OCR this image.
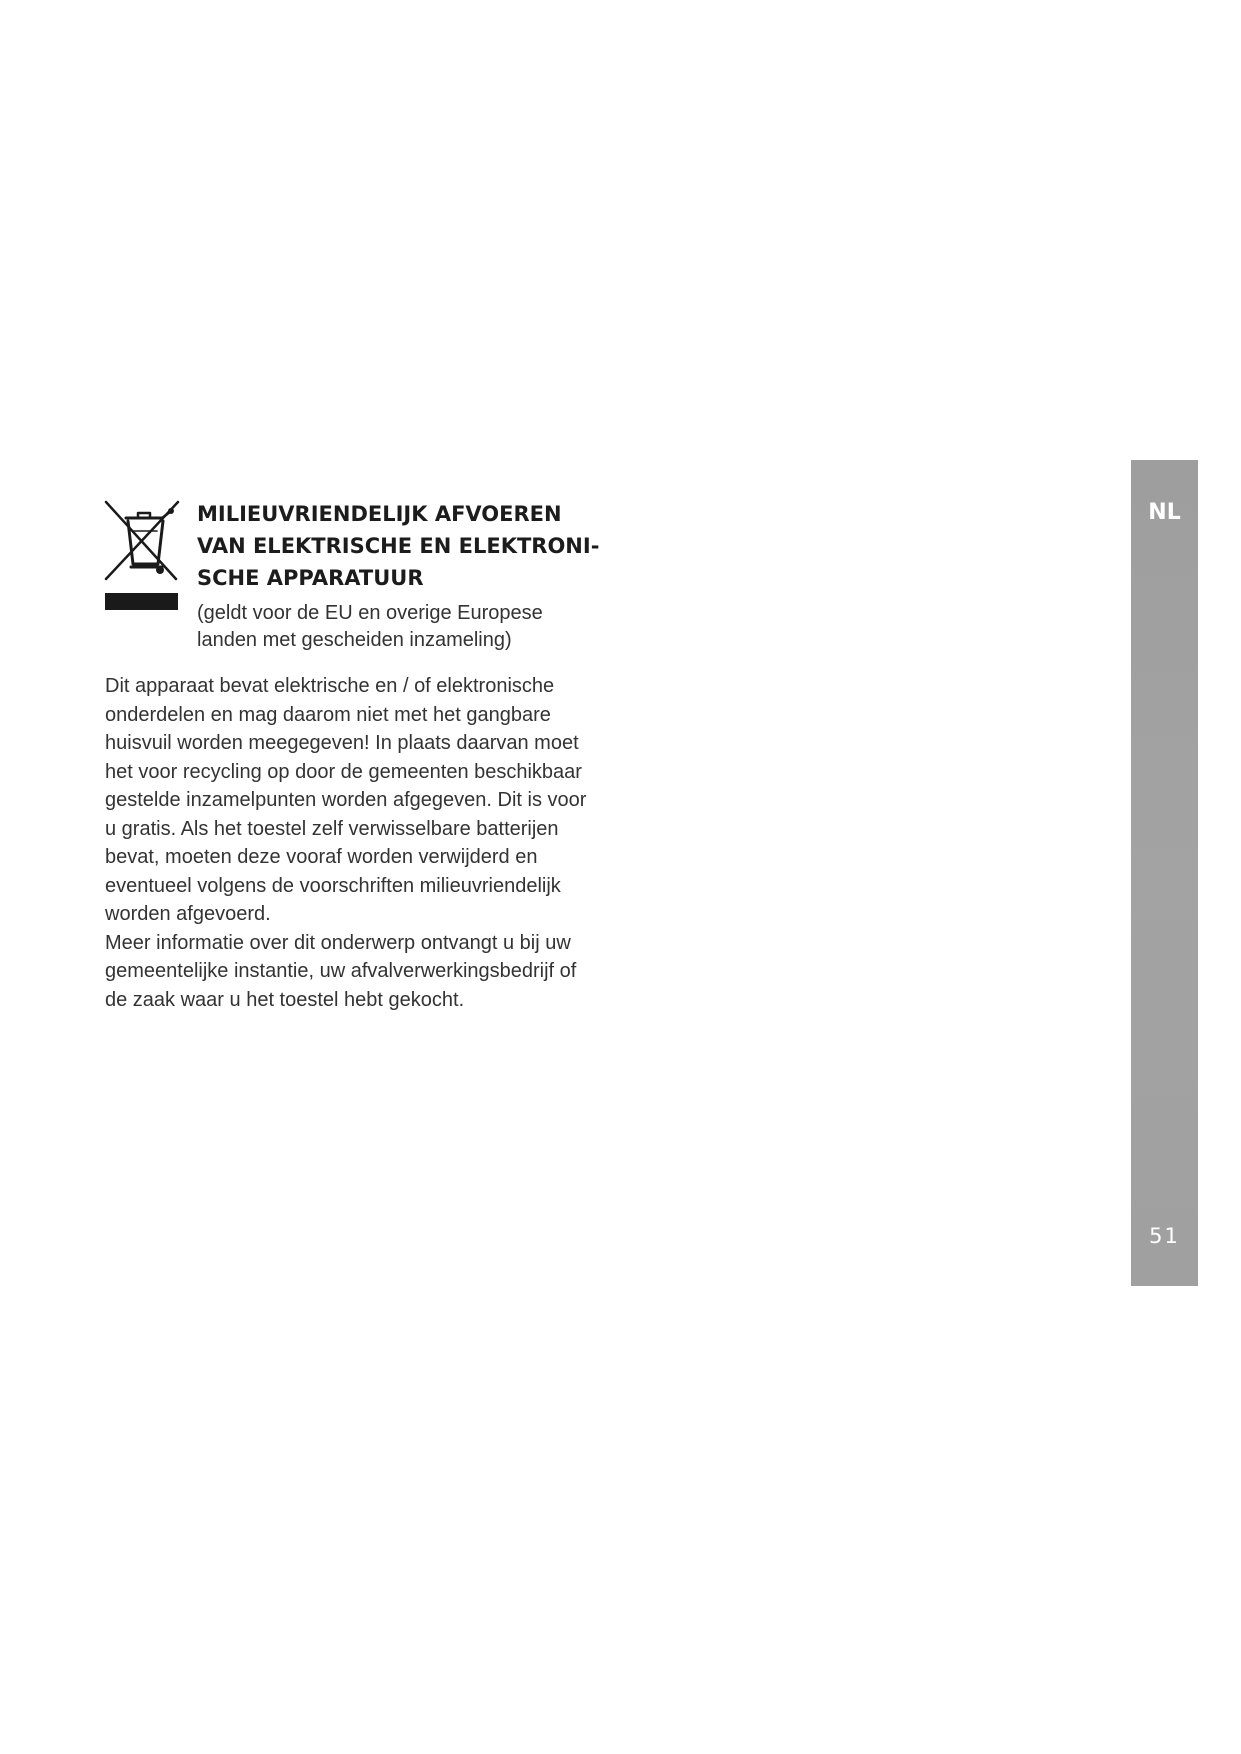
MILIEUVRIENDELIJK AFVOEREN
VAN ELEKTRISCHE EN ELEKTRONI-
SCHE APPARATUUR

(geldt voor de EU en overige Europese
landen met gescheiden inzameling)

Dit apparaat bevat elektrische en / of elektronische
onderdelen en mag daarom niet met het gangbare
huisvuil worden meegegeven! In plaats daarvan moet
het voor recycling op door de gemeenten beschikbaar
gestelde inzamelpunten worden afgegeven. Dit is voor
u gratis. Als het toestel zelf verwisselbare batterijen
bevat, moeten deze vooraf worden verwijderd en
eventueel volgens de voorschriften milieuvriendelijk
worden afgevoerd.
Meer informatie over dit onderwerp ontvangt u bij uw
gemeentelijke instantie, uw afvalverwerkingsbedrijf of
de zaak waar u het toestel hebt gekocht.
NL
51
